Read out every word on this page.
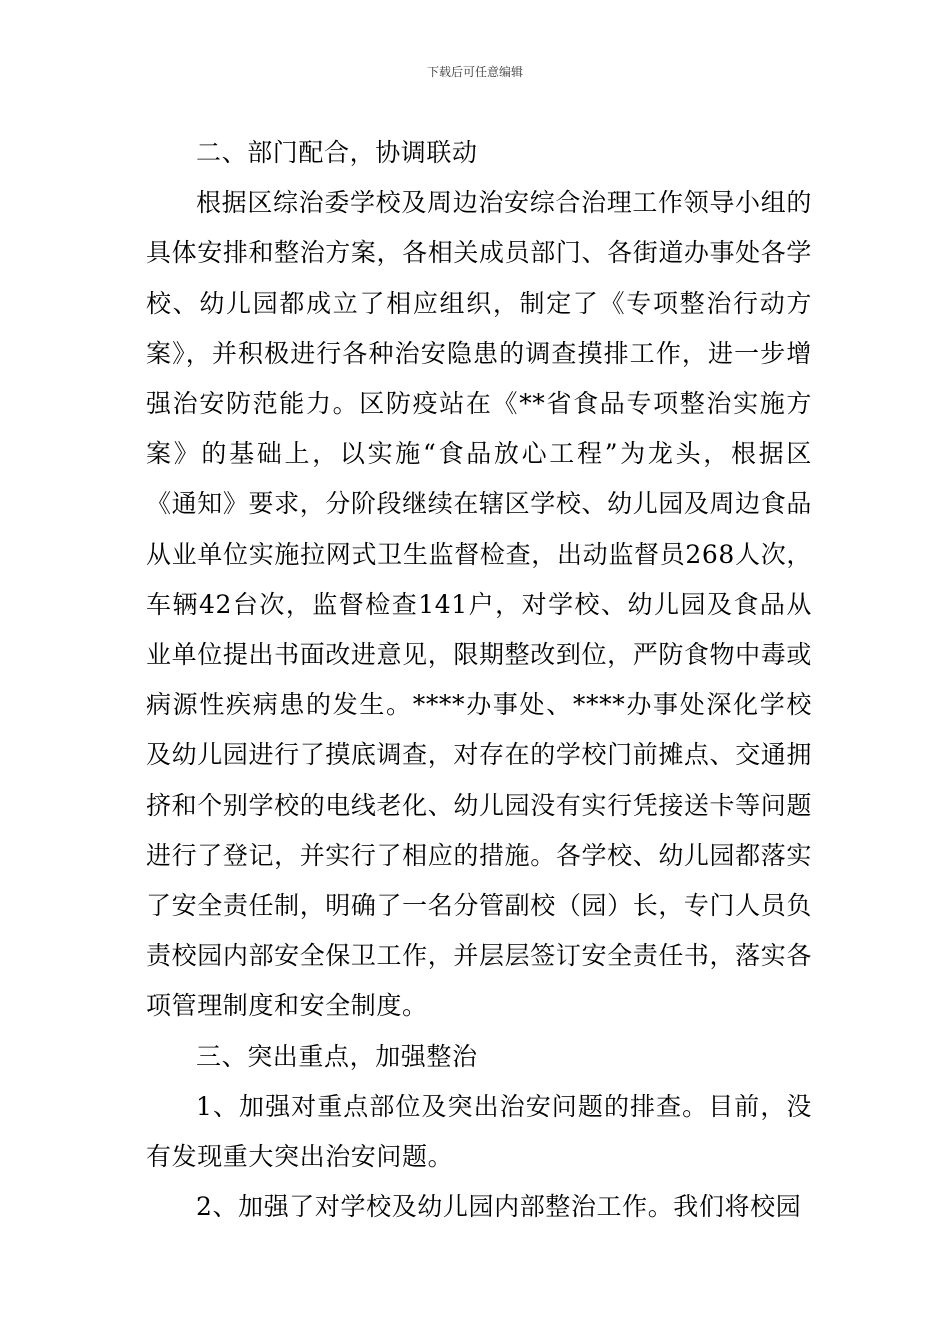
下载后可任意编辑

二、部门配合，协调联动

根据区综治委学校及周边治安综合治理工作领导小组的具体安排和整治方案，各相关成员部门、各街道办事处各学校、幼儿园都成立了相应组织，制定了《专项整治行动方案》，并积极进行各种治安隐患的调查摸排工作，进一步增强治安防范能力。区防疫站在《**省食品专项整治实施方案》的基础上，以实施“食品放心工程”为龙头，根据区《通知》要求，分阶段继续在辖区学校、幼儿园及周边食品从业单位实施拉网式卫生监督检查，出动监督员268人次，车辆42台次，监督检查141户，对学校、幼儿园及食品从业单位提出书面改进意见，限期整改到位，严防食物中毒或病源性疾病患的发生。****办事处、****办事处深化学校及幼儿园进行了摸底调查，对存在的学校门前摊点、交通拥挤和个别学校的电线老化、幼儿园没有实行凭接送卡等问题进行了登记，并实行了相应的措施。各学校、幼儿园都落实了安全责任制，明确了一名分管副校（园）长，专门人员负责校园内部安全保卫工作，并层层签订安全责任书，落实各项管理制度和安全制度。

三、突出重点，加强整治

1、加强对重点部位及突出治安问题的排查。目前，没有发现重大突出治安问题。

2、加强了对学校及幼儿园内部整治工作。我们将校园
